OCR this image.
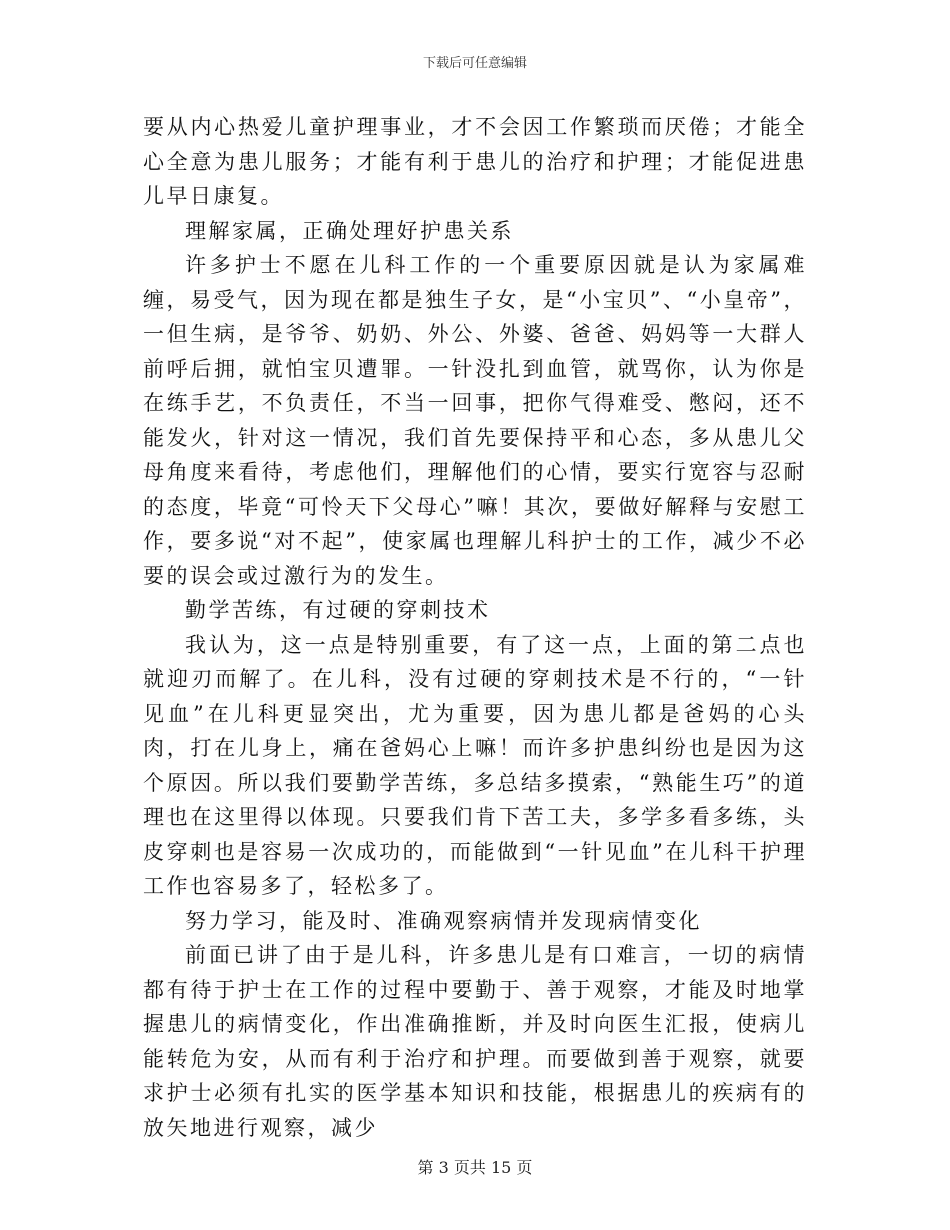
下载后可任意编辑

要从内心热爱儿童护理事业，才不会因工作繁琐而厌倦；才能全心全意为患儿服务；才能有利于患儿的治疗和护理；才能促进患儿早日康复。

理解家属，正确处理好护患关系

许多护士不愿在儿科工作的一个重要原因就是认为家属难缠，易受气，因为现在都是独生子女，是“小宝贝”、“小皇帝”，一但生病，是爷爷、奶奶、外公、外婆、爸爸、妈妈等一大群人前呼后拥，就怕宝贝遭罪。一针没扎到血管，就骂你，认为你是在练手艺，不负责任，不当一回事，把你气得难受、憋闷，还不能发火，针对这一情况，我们首先要保持平和心态，多从患儿父母角度来看待，考虑他们，理解他们的心情，要实行宽容与忍耐的态度，毕竟“可怜天下父母心”嘛！其次，要做好解释与安慰工作，要多说“对不起”，使家属也理解儿科护士的工作，减少不必要的误会或过激行为的发生。

勤学苦练，有过硬的穿刺技术

我认为，这一点是特别重要，有了这一点，上面的第二点也就迎刃而解了。在儿科，没有过硬的穿刺技术是不行的，“一针见血”在儿科更显突出，尤为重要，因为患儿都是爸妈的心头肉，打在儿身上，痛在爸妈心上嘛！而许多护患纠纷也是因为这个原因。所以我们要勤学苦练，多总结多摸索，“熟能生巧”的道理也在这里得以体现。只要我们肯下苦工夫，多学多看多练，头皮穿刺也是容易一次成功的，而能做到“一针见血”在儿科干护理工作也容易多了，轻松多了。

努力学习，能及时、准确观察病情并发现病情变化

前面已讲了由于是儿科，许多患儿是有口难言，一切的病情都有待于护士在工作的过程中要勤于、善于观察，才能及时地掌握患儿的病情变化，作出准确推断，并及时向医生汇报，使病儿能转危为安，从而有利于治疗和护理。而要做到善于观察，就要求护士必须有扎实的医学基本知识和技能，根据患儿的疾病有的放矢地进行观察，减少

第 3 页共 15 页
